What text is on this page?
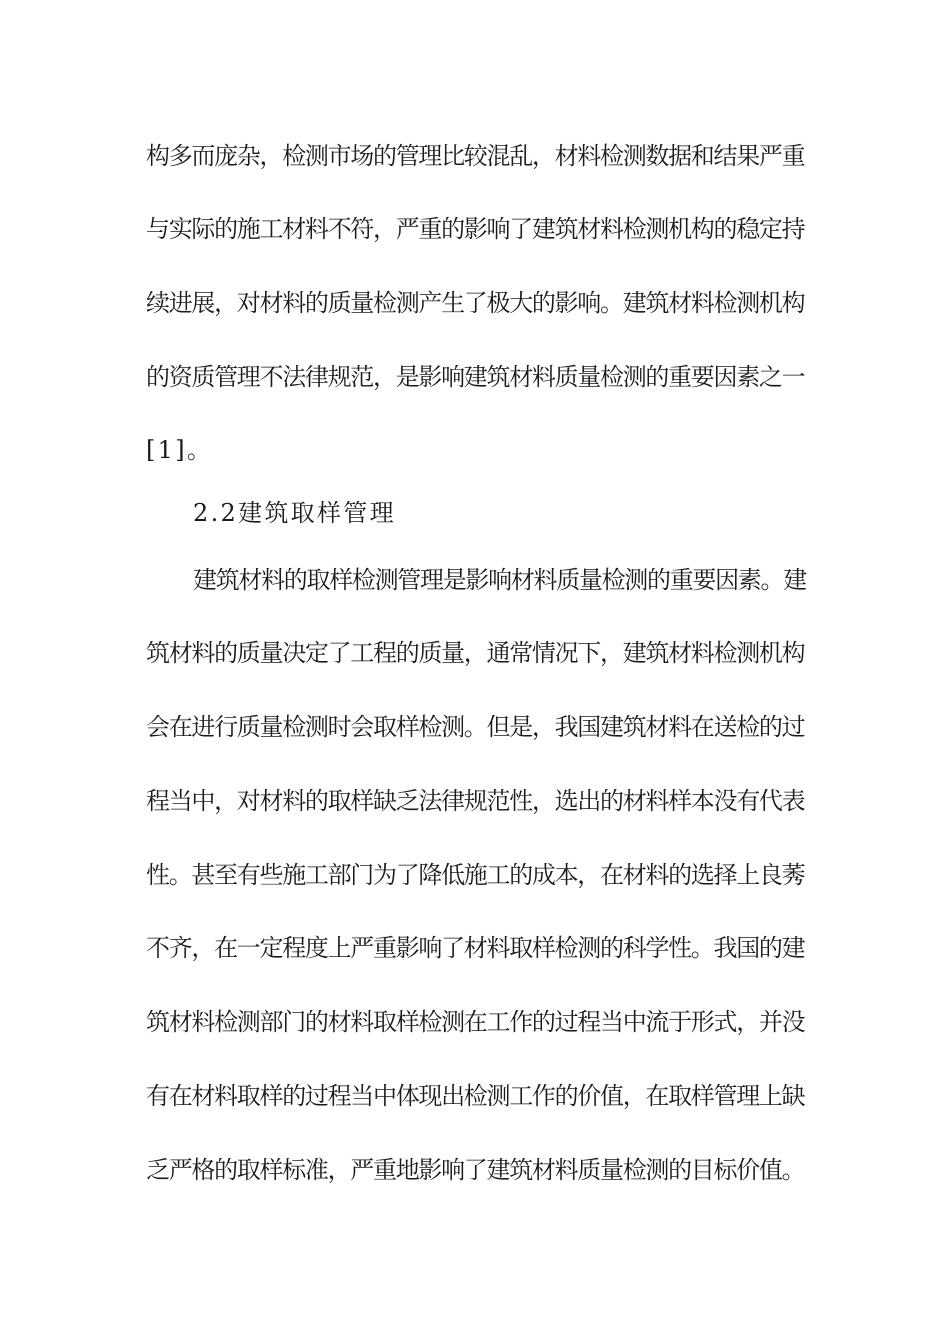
构多而庞杂，检测市场的管理比较混乱，材料检测数据和结果严重
与实际的施工材料不符，严重的影响了建筑材料检测机构的稳定持
续进展，对材料的质量检测产生了极大的影响。建筑材料检测机构
的资质管理不法律规范，是影响建筑材料质量检测的重要因素之一
[1]。
2.2建筑取样管理
建筑材料的取样检测管理是影响材料质量检测的重要因素。建
筑材料的质量决定了工程的质量，通常情况下，建筑材料检测机构
会在进行质量检测时会取样检测。但是，我国建筑材料在送检的过
程当中，对材料的取样缺乏法律规范性，选出的材料样本没有代表
性。甚至有些施工部门为了降低施工的成本，在材料的选择上良莠
不齐，在一定程度上严重影响了材料取样检测的科学性。我国的建
筑材料检测部门的材料取样检测在工作的过程当中流于形式，并没
有在材料取样的过程当中体现出检测工作的价值，在取样管理上缺
乏严格的取样标准，严重地影响了建筑材料质量检测的目标价值。
